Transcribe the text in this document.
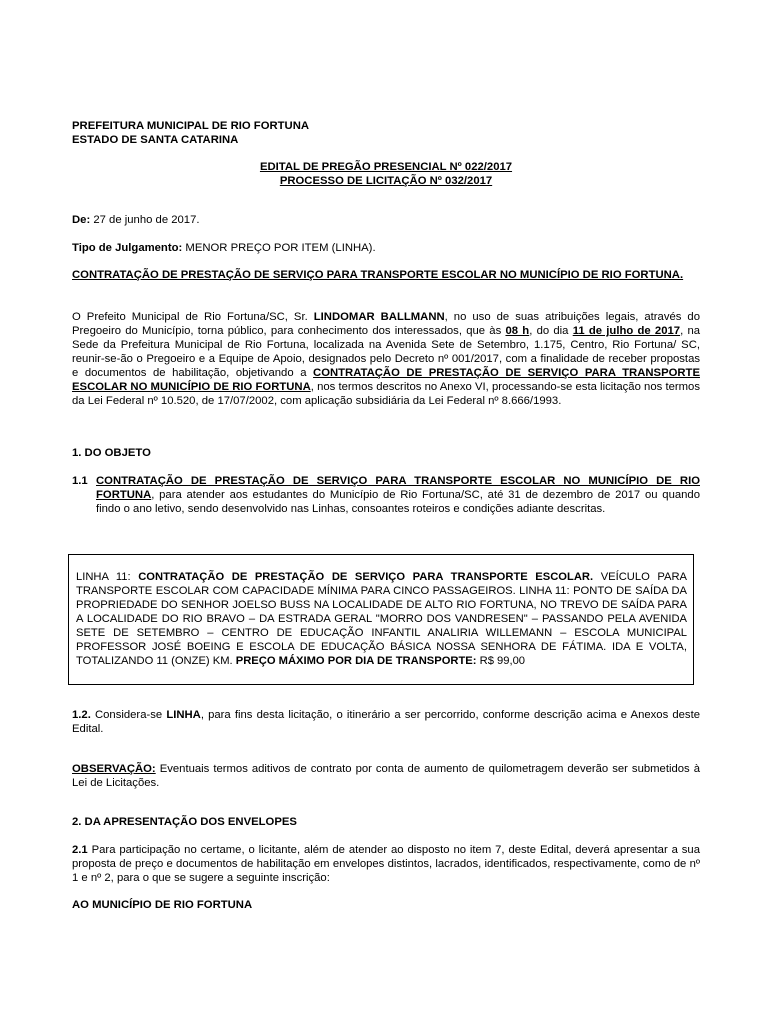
PREFEITURA MUNICIPAL DE RIO FORTUNA
ESTADO DE SANTA CATARINA
EDITAL DE PREGÃO PRESENCIAL Nº 022/2017
PROCESSO DE LICITAÇÃO Nº 032/2017
De: 27 de junho de 2017.
Tipo de Julgamento: MENOR PREÇO POR ITEM (LINHA).
CONTRATAÇÃO DE PRESTAÇÃO DE SERVIÇO PARA TRANSPORTE ESCOLAR NO MUNICÍPIO DE RIO FORTUNA.
O Prefeito Municipal de Rio Fortuna/SC, Sr. LINDOMAR BALLMANN, no uso de suas atribuições legais, através do Pregoeiro do Município, torna público, para conhecimento dos interessados, que às 08 h, do dia 11 de julho de 2017, na Sede da Prefeitura Municipal de Rio Fortuna, localizada na Avenida Sete de Setembro, 1.175, Centro, Rio Fortuna/ SC, reunir-se-ão o Pregoeiro e a Equipe de Apoio, designados pelo Decreto nº 001/2017, com a finalidade de receber propostas e documentos de habilitação, objetivando a CONTRATAÇÃO DE PRESTAÇÃO DE SERVIÇO PARA TRANSPORTE ESCOLAR NO MUNICÍPIO DE RIO FORTUNA, nos termos descritos no Anexo VI, processando-se esta licitação nos termos da Lei Federal nº 10.520, de 17/07/2002, com aplicação subsidiária da Lei Federal nº 8.666/1993.
1. DO OBJETO
1.1 CONTRATAÇÃO DE PRESTAÇÃO DE SERVIÇO PARA TRANSPORTE ESCOLAR NO MUNICÍPIO DE RIO FORTUNA, para atender aos estudantes do Município de Rio Fortuna/SC, até 31 de dezembro de 2017 ou quando findo o ano letivo, sendo desenvolvido nas Linhas, consoantes roteiros e condições adiante descritas.
LINHA 11: CONTRATAÇÃO DE PRESTAÇÃO DE SERVIÇO PARA TRANSPORTE ESCOLAR. VEÍCULO PARA TRANSPORTE ESCOLAR COM CAPACIDADE MÍNIMA PARA CINCO PASSAGEIROS. LINHA 11: PONTO DE SAÍDA DA PROPRIEDADE DO SENHOR JOELSO BUSS NA LOCALIDADE DE ALTO RIO FORTUNA, NO TREVO DE SAÍDA PARA A LOCALIDADE DO RIO BRAVO – DA ESTRADA GERAL "MORRO DOS VANDRESEN" – PASSANDO PELA AVENIDA SETE DE SETEMBRO – CENTRO DE EDUCAÇÃO INFANTIL ANALIRIA WILLEMANN – ESCOLA MUNICIPAL PROFESSOR JOSÉ BOEING E ESCOLA DE EDUCAÇÃO BÁSICA NOSSA SENHORA DE FÁTIMA. IDA E VOLTA, TOTALIZANDO 11 (ONZE) KM. PREÇO MÁXIMO POR DIA DE TRANSPORTE: R$ 99,00
1.2. Considera-se LINHA, para fins desta licitação, o itinerário a ser percorrido, conforme descrição acima e Anexos deste Edital.
OBSERVAÇÃO: Eventuais termos aditivos de contrato por conta de aumento de quilometragem deverão ser submetidos à Lei de Licitações.
2. DA APRESENTAÇÃO DOS ENVELOPES
2.1 Para participação no certame, o licitante, além de atender ao disposto no item 7, deste Edital, deverá apresentar a sua proposta de preço e documentos de habilitação em envelopes distintos, lacrados, identificados, respectivamente, como de nº 1 e nº 2, para o que se sugere a seguinte inscrição:
AO MUNICÍPIO DE RIO FORTUNA
